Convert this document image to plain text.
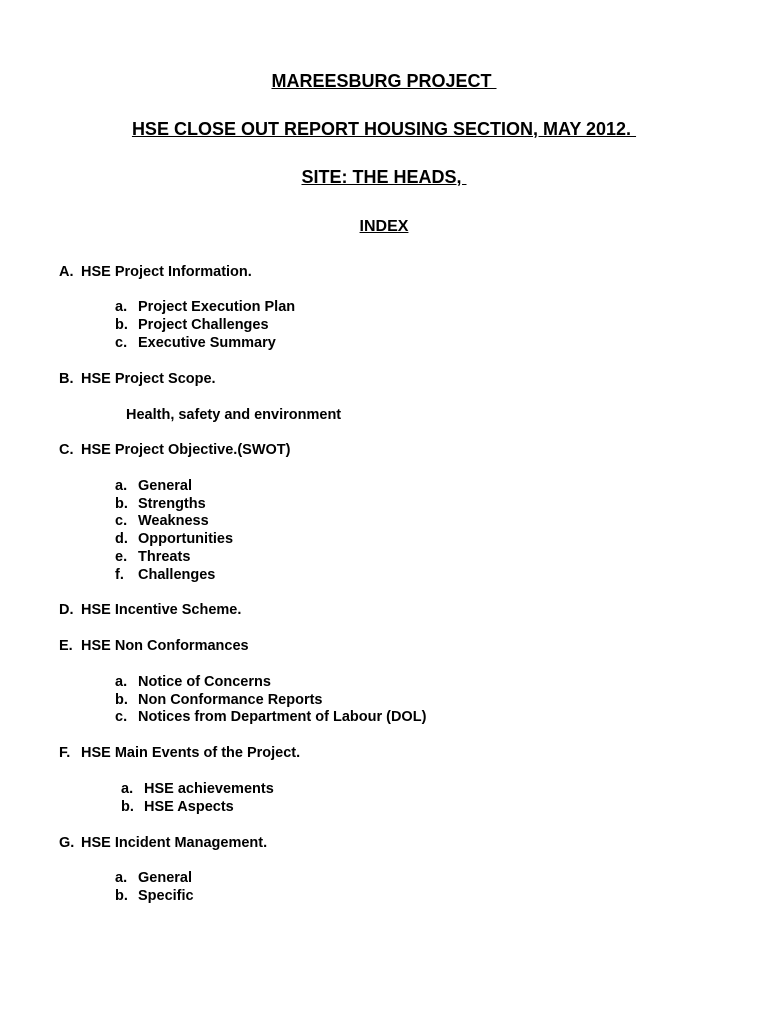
MAREESBURG PROJECT
HSE CLOSE OUT REPORT HOUSING SECTION, MAY 2012.
SITE: THE HEADS,
INDEX
A. HSE Project Information.
a. Project Execution Plan
b. Project Challenges
c. Executive Summary
B. HSE Project Scope.
Health, safety and environment
C. HSE Project Objective.(SWOT)
a. General
b. Strengths
c. Weakness
d. Opportunities
e. Threats
f. Challenges
D. HSE Incentive Scheme.
E. HSE Non Conformances
a. Notice of Concerns
b. Non Conformance Reports
c. Notices from Department of Labour (DOL)
F. HSE Main Events of the Project.
a. HSE achievements
b. HSE Aspects
G. HSE Incident Management.
a. General
b. Specific
